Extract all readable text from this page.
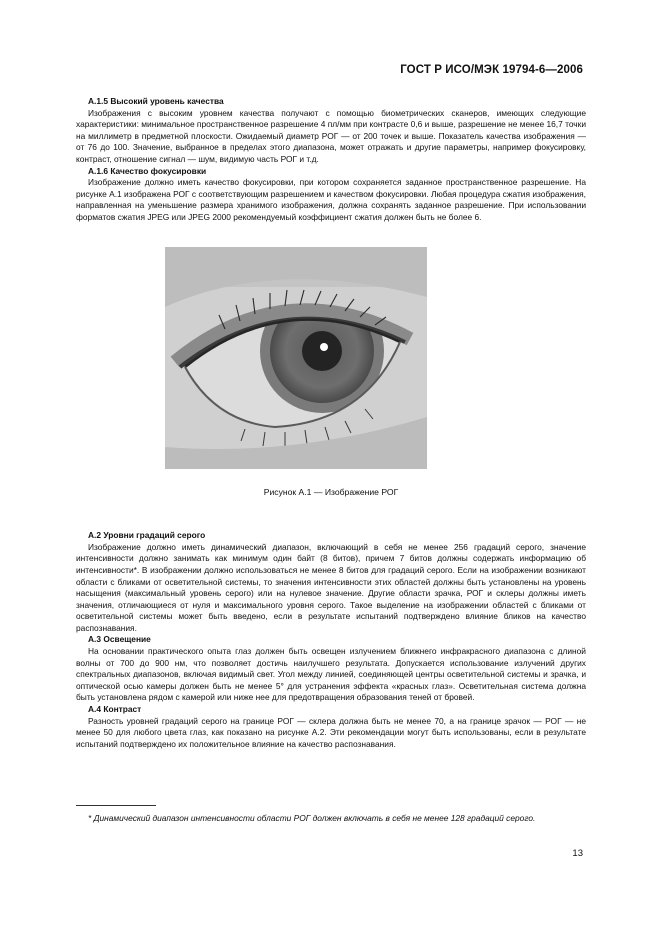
ГОСТ Р ИСО/МЭК 19794-6—2006
А.1.5 Высокий уровень качества

Изображения с высоким уровнем качества получают с помощью биометрических сканеров, имеющих следующие характеристики: минимальное пространственное разрешение 4 пл/мм при контрасте 0,6 и выше, разрешение не менее 16,7 точки на миллиметр в предметной плоскости. Ожидаемый диаметр РОГ — от 200 точек и выше. Показатель качества изображения — от 76 до 100. Значение, выбранное в пределах этого диапазона, может отражать и другие параметры, например фокусировку, контраст, отношение сигнал — шум, видимую часть РОГ и т.д.

А.1.6 Качество фокусировки

Изображение должно иметь качество фокусировки, при котором сохраняется заданное пространственное разрешение. На рисунке А.1 изображена РОГ с соответствующим разрешением и качеством фокусировки. Любая процедура сжатия изображения, направленная на уменьшение размера хранимого изображения, должна сохранять заданное разрешение. При использовании форматов сжатия JPEG или JPEG 2000 рекомендуемый коэффициент сжатия должен быть не более 6.

Рисунок А.1 — Изображение РОГ
А.2 Уровни градаций серого

Изображение должно иметь динамический диапазон, включающий в себя не менее 256 градаций серого, значение интенсивности должно занимать как минимум один байт (8 битов), причем 7 битов должны содержать информацию об интенсивности*. В изображении должно использоваться не менее 8 битов для градаций серого. Если на изображении возникают области с бликами от осветительной системы, то значения интенсивности этих областей должны быть установлены на уровень насыщения (максимальный уровень серого) или на нулевое значение. Другие области зрачка, РОГ и склеры должны иметь значения, отличающиеся от нуля и максимального уровня серого. Такое выделение на изображении областей с бликами от осветительной системы может быть введено, если в результате испытаний подтверждено влияние бликов на качество распознавания.

А.3 Освещение

На основании практического опыта глаз должен быть освещен излучением ближнего инфракрасного диапазона с длиной волны от 700 до 900 нм, что позволяет достичь наилучшего результата. Допускается использование излучений других спектральных диапазонов, включая видимый свет. Угол между линией, соединяющей центры осветительной системы и зрачка, и оптической осью камеры должен быть не менее 5° для устранения эффекта «красных глаз». Осветительная система должна быть установлена рядом с камерой или ниже нее для предотвращения образования теней от бровей.

А.4 Контраст

Разность уровней градаций серого на границе РОГ — склера должна быть не менее 70, а на границе зрачок — РОГ — не менее 50 для любого цвета глаз, как показано на рисунке А.2. Эти рекомендации могут быть использованы, если в результате испытаний подтверждено их положительное влияние на качество распознавания.

* Динамический диапазон интенсивности области РОГ должен включать в себя не менее 128 градаций серого.
13
